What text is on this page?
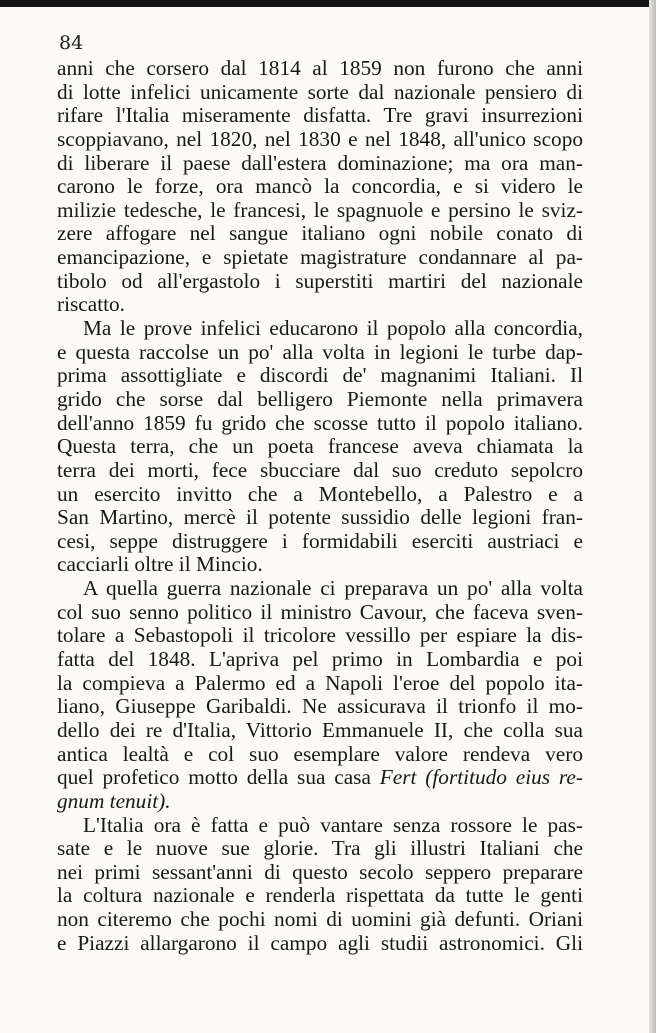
84

anni che corsero dal 1814 al 1859 non furono che anni
di lotte infelici unicamente sorte dal nazionale pensiero di
rifare l'Italia miseramente disfatta. Tre gravi insurrezioni
scoppiavano, nel 1820, nel 1830 e nel 1848, all'unico scopo
di liberare il paese dall'estera dominazione; ma ora man-
carono le forze, ora mancò la concordia, e si videro le
milizie tedesche, le francesi, le spagnuole e persino le sviz-
zere affogare nel sangue italiano ogni nobile conato di
emancipazione, e spietate magistrature condannare al pa-
tibolo od all'ergastolo i superstiti martiri del nazionale
riscatto.
Ma le prove infelici educarono il popolo alla concordia,
e questa raccolse un po' alla volta in legioni le turbe dap-
prima assottigliate e discordi de' magnanimi Italiani. Il
grido che sorse dal belligero Piemonte nella primavera
dell'anno 1859 fu grido che scosse tutto il popolo italiano.
Questa terra, che un poeta francese aveva chiamata la
terra dei morti, fece sbucciare dal suo creduto sepolcro
un esercito invitto che a Montebello, a Palestro e a
San Martino, mercè il potente sussidio delle legioni fran-
cesi, seppe distruggere i formidabili eserciti austriaci e
cacciarli oltre il Mincio.
A quella guerra nazionale ci preparava un po' alla volta
col suo senno politico il ministro Cavour, che faceva sven-
tolare a Sebastopoli il tricolore vessillo per espiare la dis-
fatta del 1848. L'apriva pel primo in Lombardia e poi
la compieva a Palermo ed a Napoli l'eroe del popolo ita-
liano, Giuseppe Garibaldi. Ne assicurava il trionfo il mo-
dello dei re d'Italia, Vittorio Emmanuele II, che colla sua
antica lealtà e col suo esemplare valore rendeva vero
quel profetico motto della sua casa Fert (fortitudo eius re-
gnum tenuit).
L'Italia ora è fatta e può vantare senza rossore le pas-
sate e le nuove sue glorie. Tra gli illustri Italiani che
nei primi sessant'anni di questo secolo seppero preparare
la coltura nazionale e renderla rispettata da tutte le genti
non citeremo che pochi nomi di uomini già defunti. Oriani
e Piazzi allargarono il campo agli studii astronomici. Gli
